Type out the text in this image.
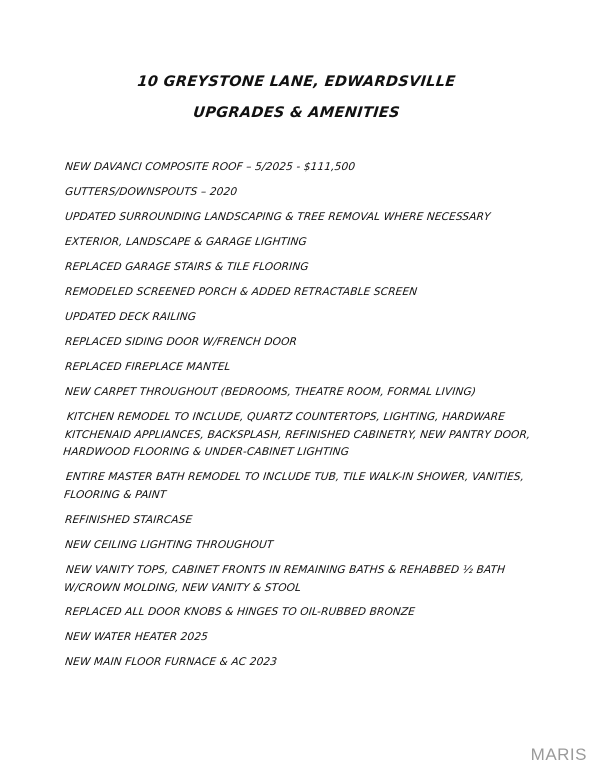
10 GREYSTONE LANE, EDWARDSVILLE
UPGRADES & AMENITIES
NEW DAVANCI COMPOSITE ROOF – 5/2025 - $111,500
GUTTERS/DOWNSPOUTS – 2020
UPDATED SURROUNDING LANDSCAPING & TREE REMOVAL WHERE NECESSARY
EXTERIOR, LANDSCAPE & GARAGE LIGHTING
REPLACED GARAGE STAIRS & TILE FLOORING
REMODELED SCREENED PORCH & ADDED RETRACTABLE SCREEN
UPDATED DECK RAILING
REPLACED SIDING DOOR W/FRENCH DOOR
REPLACED FIREPLACE MANTEL
NEW CARPET THROUGHOUT (BEDROOMS, THEATRE ROOM, FORMAL LIVING)
KITCHEN REMODEL TO INCLUDE, QUARTZ COUNTERTOPS, LIGHTING, HARDWARE
KITCHENAID APPLIANCES, BACKSPLASH, REFINISHED CABINETRY, NEW PANTRY DOOR,
HARDWOOD FLOORING & UNDER-CABINET LIGHTING
ENTIRE MASTER BATH REMODEL TO INCLUDE TUB, TILE WALK-IN SHOWER, VANITIES,
FLOORING & PAINT
REFINISHED STAIRCASE
NEW CEILING LIGHTING THROUGHOUT
NEW VANITY TOPS, CABINET FRONTS IN REMAINING BATHS & REHABBED ½ BATH
W/CROWN MOLDING, NEW VANITY & STOOL
REPLACED ALL DOOR KNOBS & HINGES TO OIL-RUBBED BRONZE
NEW WATER HEATER 2025
NEW MAIN FLOOR FURNACE & AC 2023
MARIS
